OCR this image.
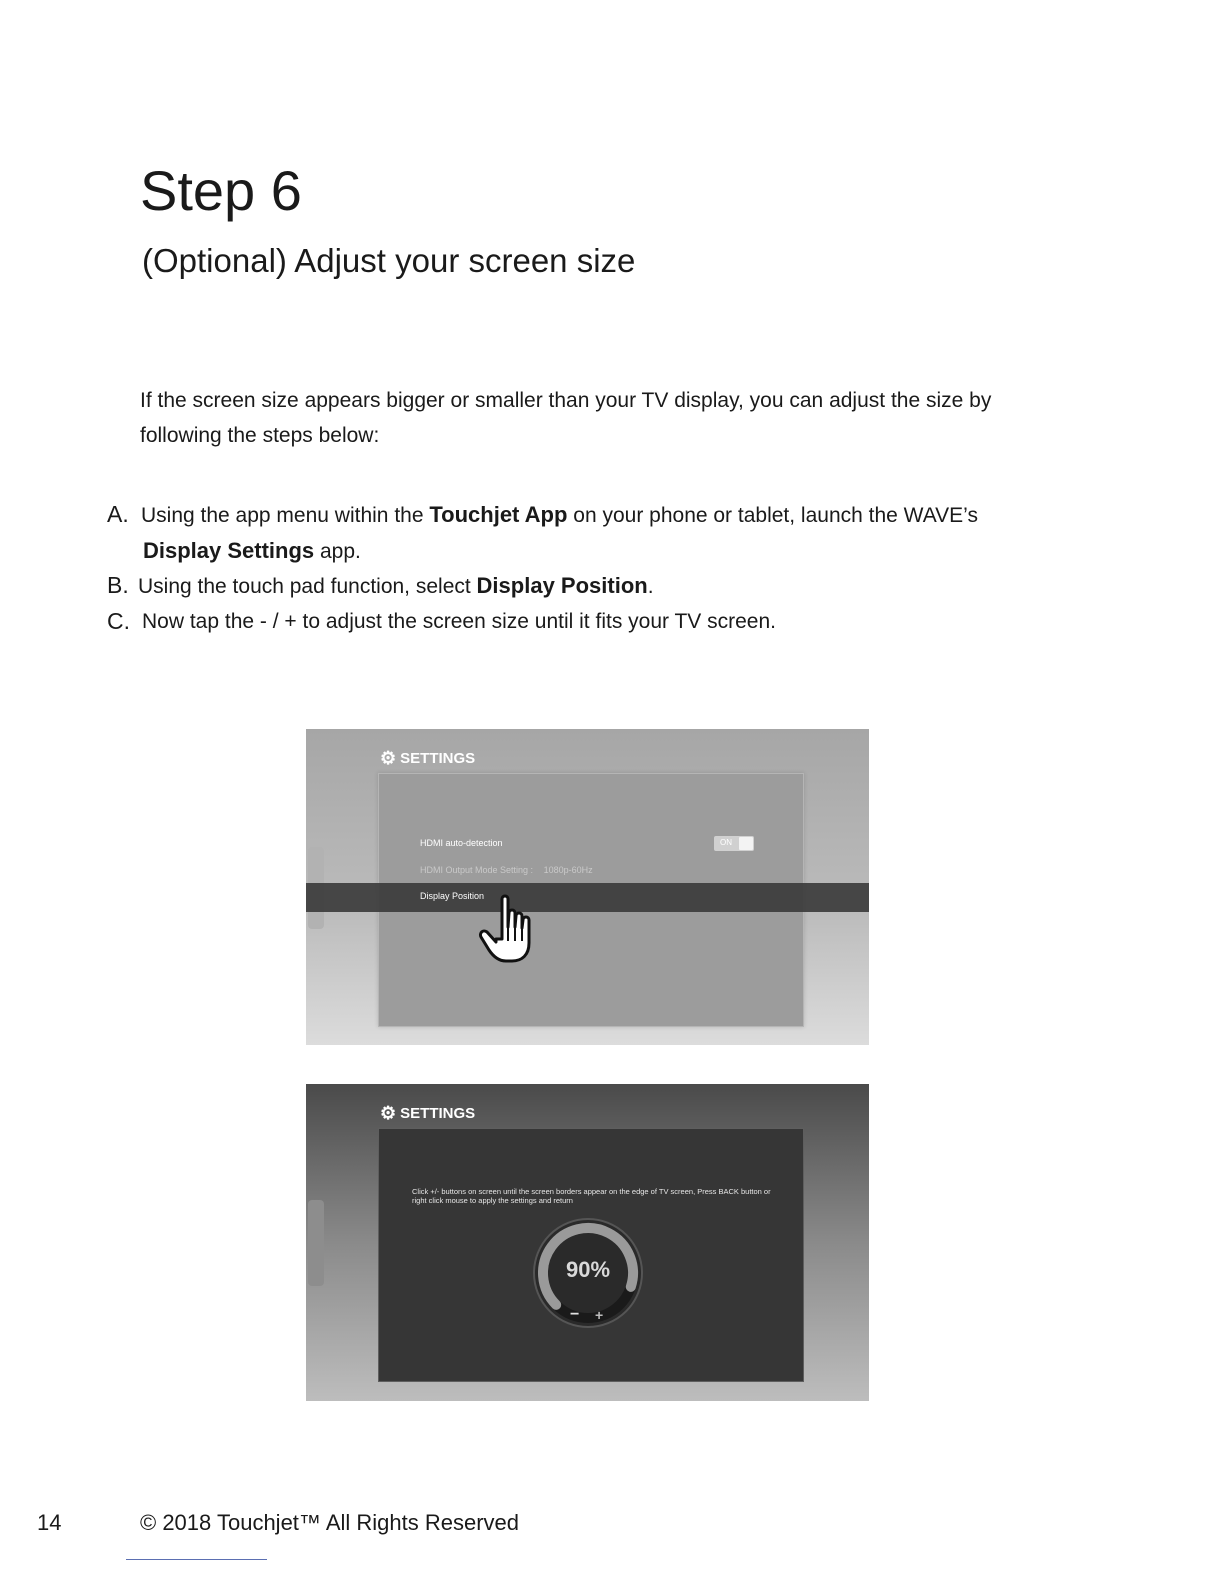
Step 6
(Optional) Adjust your screen size
If the screen size appears bigger or smaller than your TV display, you can adjust the size by following the steps below:
A. Using the app menu within the Touchjet App on your phone or tablet, launch the WAVE’s
Display Settings app.
B. Using the touch pad function, select Display Position.
C. Now tap the - / + to adjust the screen size until it fits your TV screen.
⚙ SETTINGS
HDMI auto-detection	ON
HDMI Output Mode Setting : 1080p-60Hz
Display Position
⚙ SETTINGS
Click +/- buttons on screen until the screen borders appear on the edge of TV screen, Press BACK button or right click mouse to apply the settings and return
90%
− +
14	© 2018 Touchjet™ All Rights Reserved
